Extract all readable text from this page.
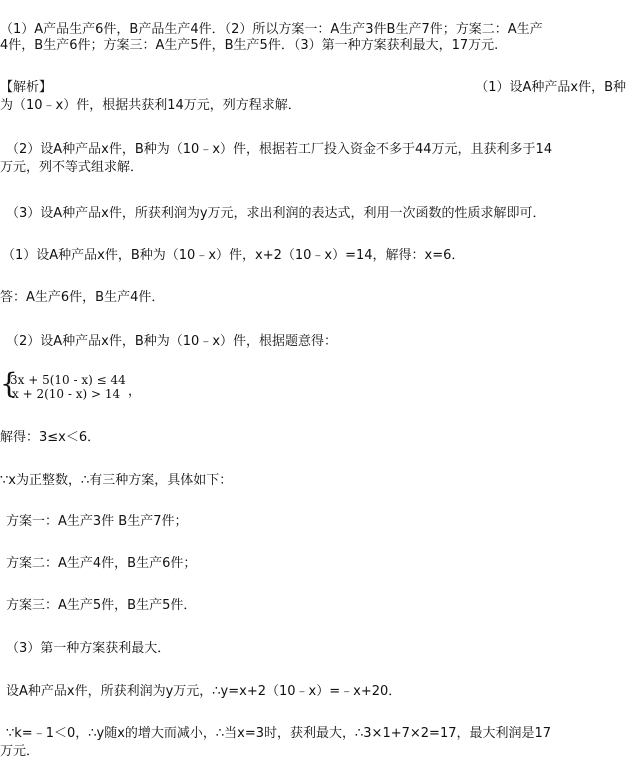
（1）A产品生产6件，B产品生产4件．（2）所以方案一：A生产3件B生产7件；方案二：A生产
4件，B生产6件；方案三：A生产5件，B生产5件．（3）第一种方案获利最大，17万元.
【解析】	（1）设A种产品x件，B种
为（10﹣x）件，根据共获利14万元，列方程求解．
（2）设A种产品x件，B种为（10﹣x）件，根据若工厂投入资金不多于44万元，且获利多于14
万元，列不等式组求解．
（3）设A种产品x件，所获利润为y万元，求出利润的表达式，利用一次函数的性质求解即可．
（1）设A种产品x件，B种为（10﹣x）件，x+2（10﹣x）=14，解得：x=6．
答：A生产6件，B生产4件．
（2）设A种产品x件，B种为（10﹣x）件，根据题意得：
{
3x + 5(10 - x) ≤ 44
x + 2(10 - x) > 14 ，
解得：3≤x＜6．
∵x为正整数，∴有三种方案，具体如下：
方案一：A生产3件 B生产7件；
方案二：A生产4件，B生产6件；
方案三：A生产5件，B生产5件．
（3）第一种方案获利最大．
设A种产品x件，所获利润为y万元，∴y=x+2（10﹣x）=﹣x+20．
∵k=﹣1＜0，∴y随x的增大而减小，∴当x=3时，获利最大，∴3×1+7×2=17，最大利润是17
万元．
